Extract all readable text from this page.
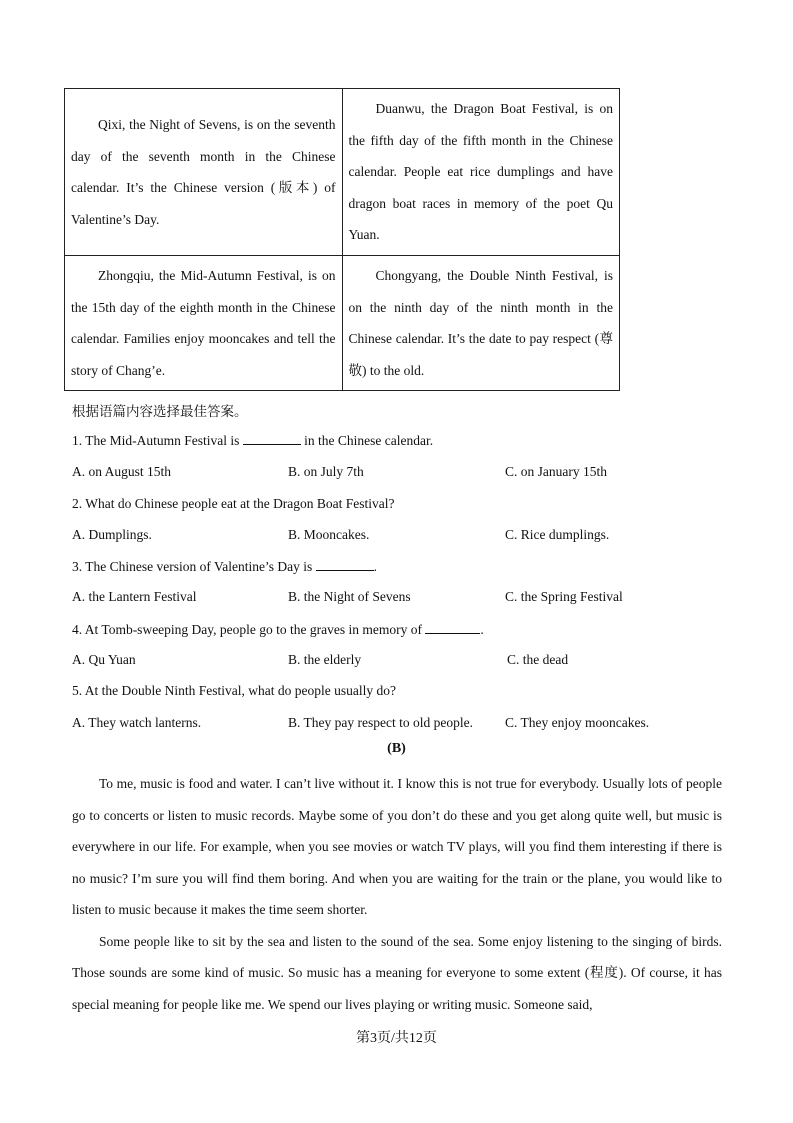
Qixi, the Night of Sevens, is on the seventh day of the seventh month in the Chinese calendar. It’s the Chinese version (版本) of Valentine’s Day.	Duanwu, the Dragon Boat Festival, is on the fifth day of the fifth month in the Chinese calendar. People eat rice dumplings and have dragon boat races in memory of the poet Qu Yuan.

Zhongqiu, the Mid-Autumn Festival, is on the 15th day of the eighth month in the Chinese calendar. Families enjoy mooncakes and tell the story of Chang’e.	Chongyang, the Double Ninth Festival, is on the ninth day of the ninth month in the Chinese calendar. It’s the date to pay respect (尊敬) to the old.
根据语篇内容选择最佳答案。
1. The Mid-Autumn Festival is	in the Chinese calendar.
A. on August 15th	B. on July 7th	C. on January 15th
2. What do Chinese people eat at the Dragon Boat Festival?
A. Dumplings.	B. Mooncakes.	C. Rice dumplings.
3. The Chinese version of Valentine’s Day is	.
A. the Lantern Festival	B. the Night of Sevens	C. the Spring Festival
4. At Tomb-sweeping Day, people go to the graves in memory of	.
A. Qu Yuan	B. the elderly	C. the dead
5. At the Double Ninth Festival, what do people usually do?
A. They watch lanterns.	B. They pay respect to old people. C. They enjoy mooncakes.
(B)

To me, music is food and water. I can’t live without it. I know this is not true for everybody. Usually lots of people go to concerts or listen to music records. Maybe some of you don’t do these and you get along quite well, but music is everywhere in our life. For example, when you see movies or watch TV plays, will you find them interesting if there is no music? I’m sure you will find them boring. And when you are waiting for the train or the plane, you would like to listen to music because it makes the time seem shorter.

Some people like to sit by the sea and listen to the sound of the sea. Some enjoy listening to the singing of birds. Those sounds are some kind of music. So music has a meaning for everyone to some extent (程度). Of course, it has special meaning for people like me. We spend our lives playing or writing music. Someone said,

第3页/共12页
